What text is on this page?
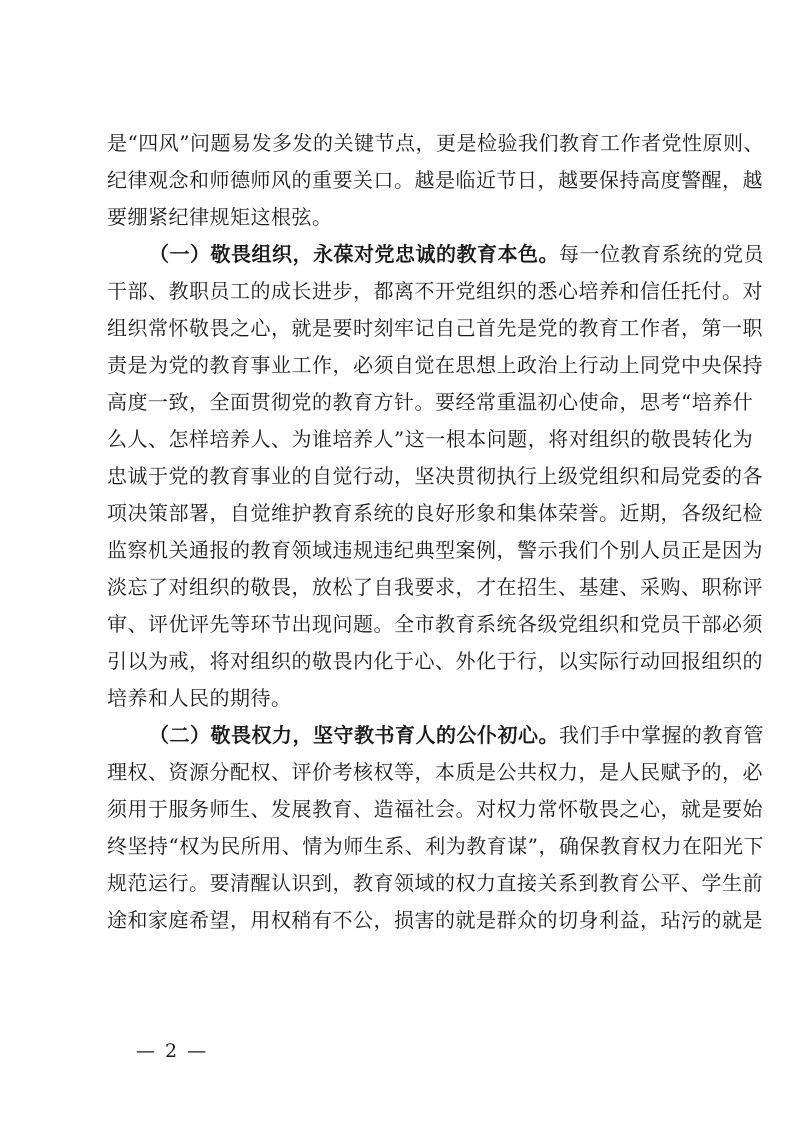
是“四风”问题易发多发的关键节点，更是检验我们教育工作者党性原则、
纪律观念和师德师风的重要关口。越是临近节日，越要保持高度警醒，越
要绷紧纪律规矩这根弦。
（一）敬畏组织，永葆对党忠诚的教育本色。每一位教育系统的党员
干部、教职员工的成长进步，都离不开党组织的悉心培养和信任托付。对
组织常怀敬畏之心，就是要时刻牢记自己首先是党的教育工作者，第一职
责是为党的教育事业工作，必须自觉在思想上政治上行动上同党中央保持
高度一致，全面贯彻党的教育方针。要经常重温初心使命，思考“培养什
么人、怎样培养人、为谁培养人”这一根本问题，将对组织的敬畏转化为
忠诚于党的教育事业的自觉行动，坚决贯彻执行上级党组织和局党委的各
项决策部署，自觉维护教育系统的良好形象和集体荣誉。近期，各级纪检
监察机关通报的教育领域违规违纪典型案例，警示我们个别人员正是因为
淡忘了对组织的敬畏，放松了自我要求，才在招生、基建、采购、职称评
审、评优评先等环节出现问题。全市教育系统各级党组织和党员干部必须
引以为戒，将对组织的敬畏内化于心、外化于行，以实际行动回报组织的
培养和人民的期待。
（二）敬畏权力，坚守教书育人的公仆初心。我们手中掌握的教育管
理权、资源分配权、评价考核权等，本质是公共权力，是人民赋予的，必
须用于服务师生、发展教育、造福社会。对权力常怀敬畏之心，就是要始
终坚持“权为民所用、情为师生系、利为教育谋”，确保教育权力在阳光下
规范运行。要清醒认识到，教育领域的权力直接关系到教育公平、学生前
途和家庭希望，用权稍有不公，损害的就是群众的切身利益，玷污的就是
— 2 —
